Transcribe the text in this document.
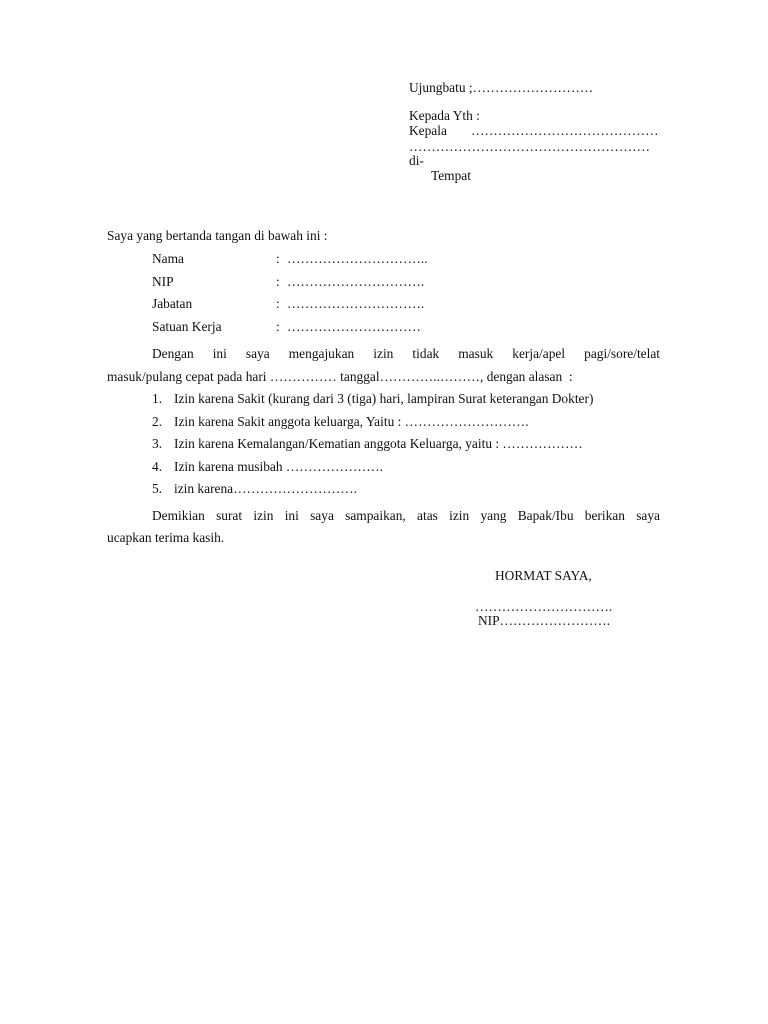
Ujungbatu ;………………………
Kepada Yth :
Kepala ……………………………………
………………………………………………
di-
Tempat
Saya yang bertanda tangan di bawah ini :
Nama	: …………………………..
NIP	: ………………………….
Jabatan	: ………………………….
Satuan Kerja	: …………………………
Dengan ini saya mengajukan izin tidak masuk kerja/apel pagi/sore/telat
masuk/pulang cepat pada hari …………… tanggal…………..………, dengan alasan  :
1. Izin karena Sakit (kurang dari 3 (tiga) hari, lampiran Surat keterangan Dokter)
2. Izin karena Sakit anggota keluarga, Yaitu : ……………………….
3. Izin karena Kemalangan/Kematian anggota Keluarga, yaitu : ………………
4. Izin karena musibah ………………….
5. izin karena……………………….
Demikian surat izin ini saya sampaikan, atas izin yang Bapak/Ibu berikan saya
ucapkan terima kasih.
HORMAT SAYA,
………………………….
NIP…………………….
